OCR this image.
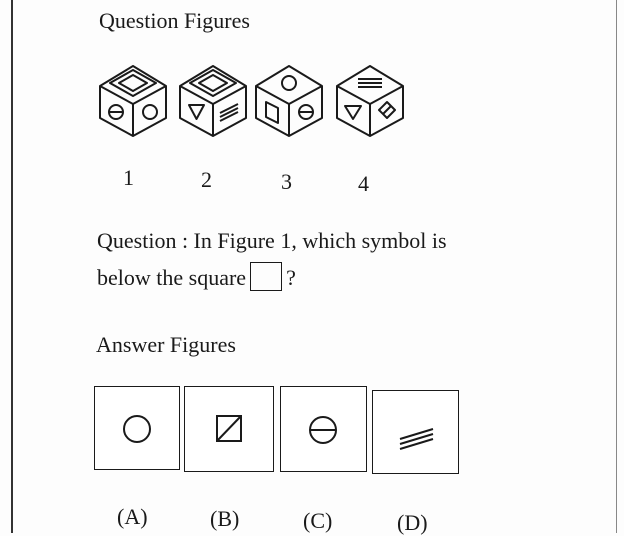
Question Figures
1	2	3	4
Question : In Figure 1, which symbol is
below the square ?
Answer Figures
(A)	(B)	(C)	(D)
